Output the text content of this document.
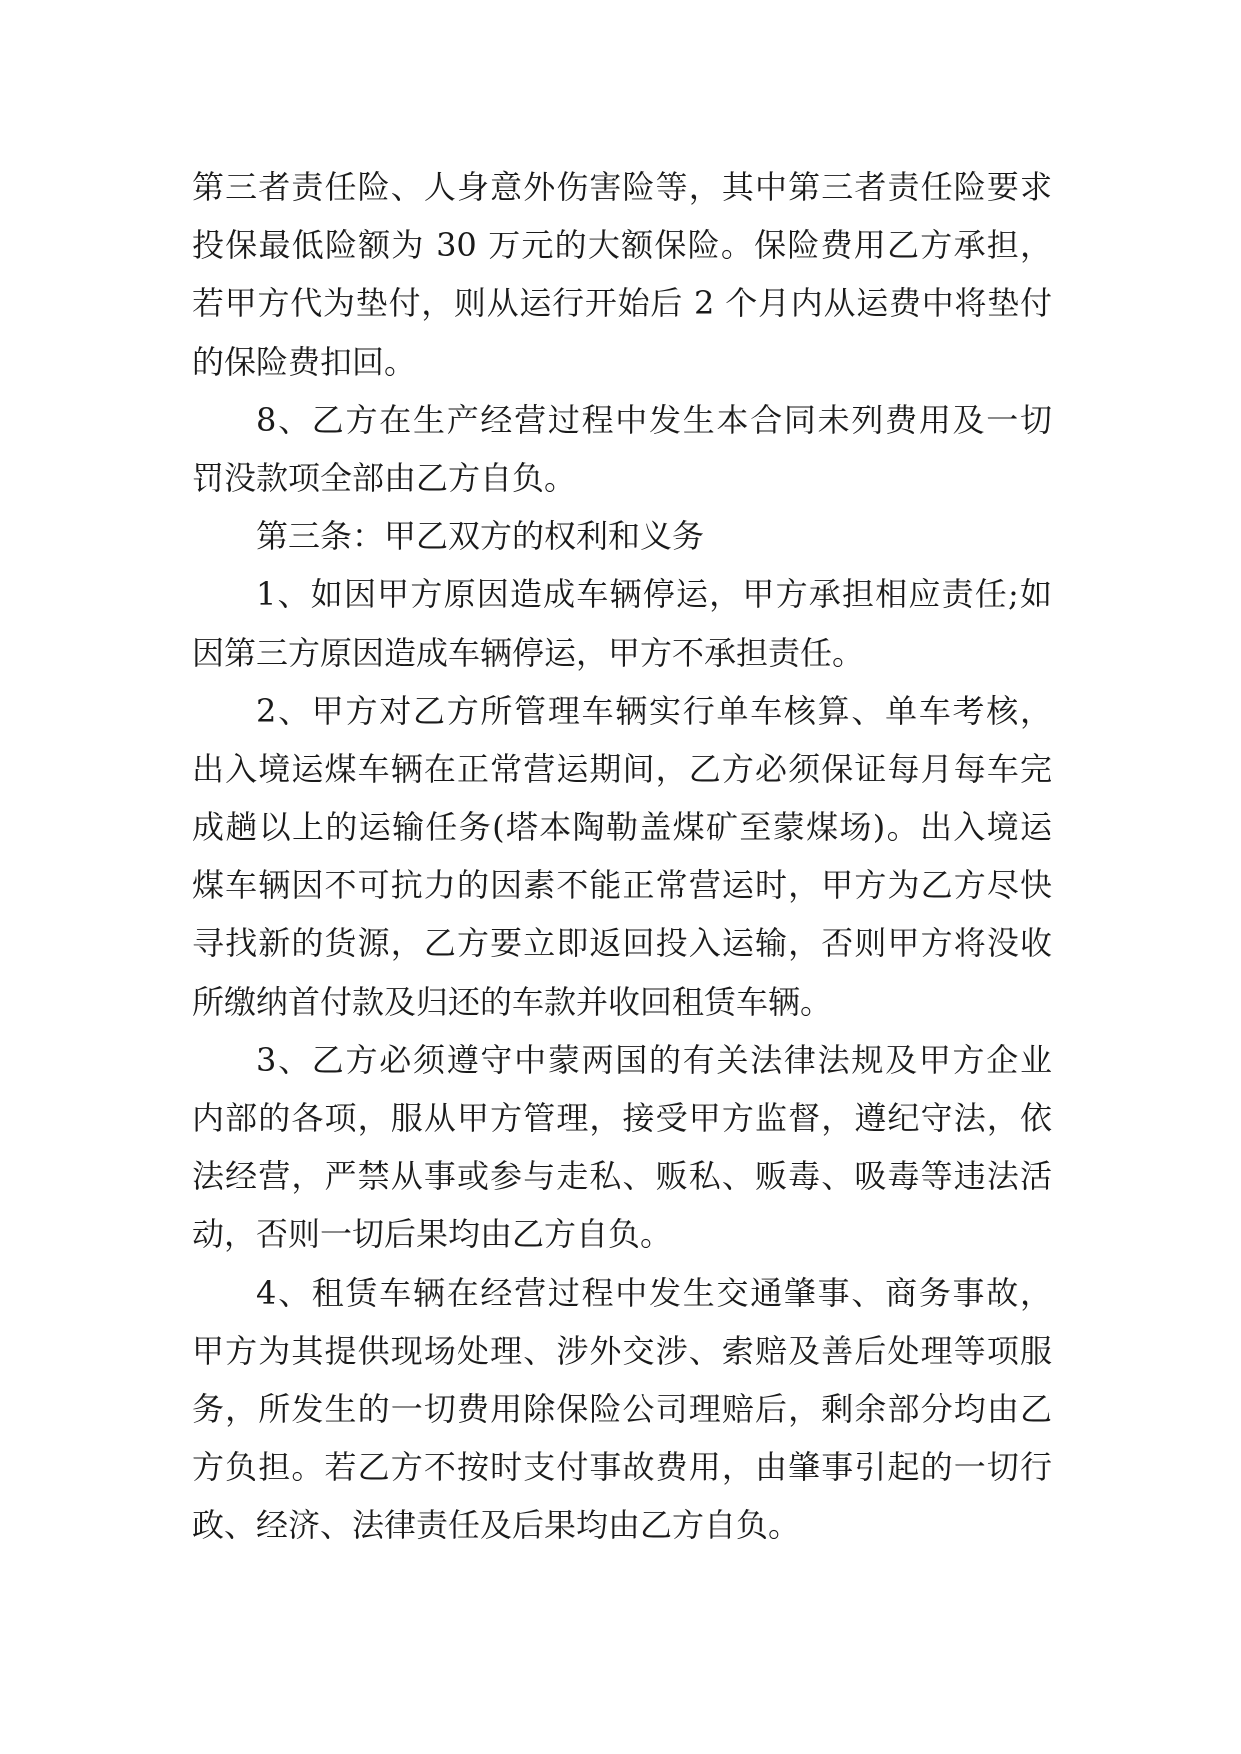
第三者责任险、人身意外伤害险等，其中第三者责任险要求
投保最低险额为 30 万元的大额保险。保险费用乙方承担，
若甲方代为垫付，则从运行开始后 2 个月内从运费中将垫付
的保险费扣回。
8、乙方在生产经营过程中发生本合同未列费用及一切
罚没款项全部由乙方自负。
第三条：甲乙双方的权利和义务
1、如因甲方原因造成车辆停运，甲方承担相应责任;如
因第三方原因造成车辆停运，甲方不承担责任。
2、甲方对乙方所管理车辆实行单车核算、单车考核，
出入境运煤车辆在正常营运期间，乙方必须保证每月每车完
成趟以上的运输任务(塔本陶勒盖煤矿至蒙煤场)。出入境运
煤车辆因不可抗力的因素不能正常营运时，甲方为乙方尽快
寻找新的货源，乙方要立即返回投入运输，否则甲方将没收
所缴纳首付款及归还的车款并收回租赁车辆。
3、乙方必须遵守中蒙两国的有关法律法规及甲方企业
内部的各项，服从甲方管理，接受甲方监督，遵纪守法，依
法经营，严禁从事或参与走私、贩私、贩毒、吸毒等违法活
动，否则一切后果均由乙方自负。
4、租赁车辆在经营过程中发生交通肇事、商务事故，
甲方为其提供现场处理、涉外交涉、索赔及善后处理等项服
务，所发生的一切费用除保险公司理赔后，剩余部分均由乙
方负担。若乙方不按时支付事故费用，由肇事引起的一切行
政、经济、法律责任及后果均由乙方自负。
